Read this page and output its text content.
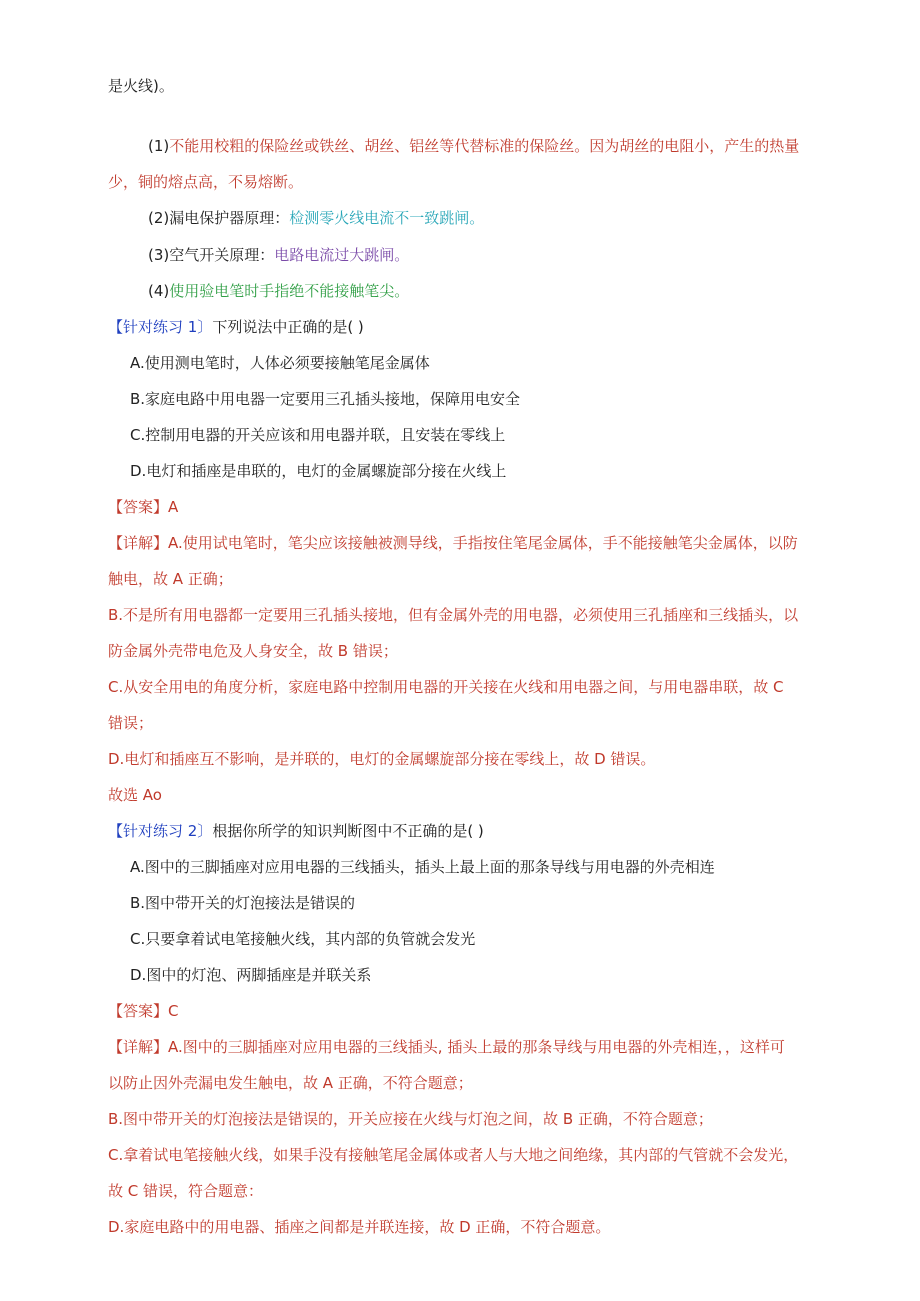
是火线)。
(1)不能用校粗的保险丝或铁丝、胡丝、铝丝等代替标准的保险丝。因为胡丝的电阻小，产生的热量
少，铜的熔点高，不易熔断。
(2)漏电保护器原理：检测零火线电流不一致跳闸。
(3)空气开关原理：电路电流过大跳闸。
(4)使用验电笔时手指绝不能接触笔尖。
【针对练习 1〕下列说法中正确的是( )
A.使用测电笔时，人体必须要接触笔尾金属体
B.家庭电路中用电器一定要用三孔插头接地，保障用电安全
C.控制用电器的开关应该和用电器并联，且安装在零线上
D.电灯和插座是串联的，电灯的金属螺旋部分接在火线上
【答案】A
【详解】A.使用试电笔时，笔尖应该接触被测导线，手指按住笔尾金属体，手不能接触笔尖金属体，以防
触电，故 A 正确；
B.不是所有用电器都一定要用三孔插头接地，但有金属外壳的用电器，必须使用三孔插座和三线插头，以
防金属外壳带电危及人身安全，故 B 错误；
C.从安全用电的角度分析，家庭电路中控制用电器的开关接在火线和用电器之间，与用电器串联，故 C
错误；
D.电灯和插座互不影响，是并联的，电灯的金属螺旋部分接在零线上，故 D 错误。
故选 Ao
【针对练习 2〕根据你所学的知识判断图中不正确的是( )
A.图中的三脚插座对应用电器的三线插头，插头上最上面的那条导线与用电器的外壳相连
B.图中带开关的灯泡接法是错误的
C.只要拿着试电笔接触火线，其内部的负管就会发光
D.图中的灯泡、两脚插座是并联关系
【答案】C
【详解】A.图中的三脚插座对应用电器的三线插头, 插头上最的那条导线与用电器的外壳相连，，这样可
以防止因外壳漏电发生触电，故 A 正确，不符合题意；
B.图中带开关的灯泡接法是错误的，开关应接在火线与灯泡之间，故 B 正确，不符合题意；
C.拿着试电笔接触火线，如果手没有接触笔尾金属体或者人与大地之间绝缘，其内部的气管就不会发光，
故 C 错误，符合题意：
D.家庭电路中的用电器、插座之间都是并联连接，故 D 正确，不符合题意。
